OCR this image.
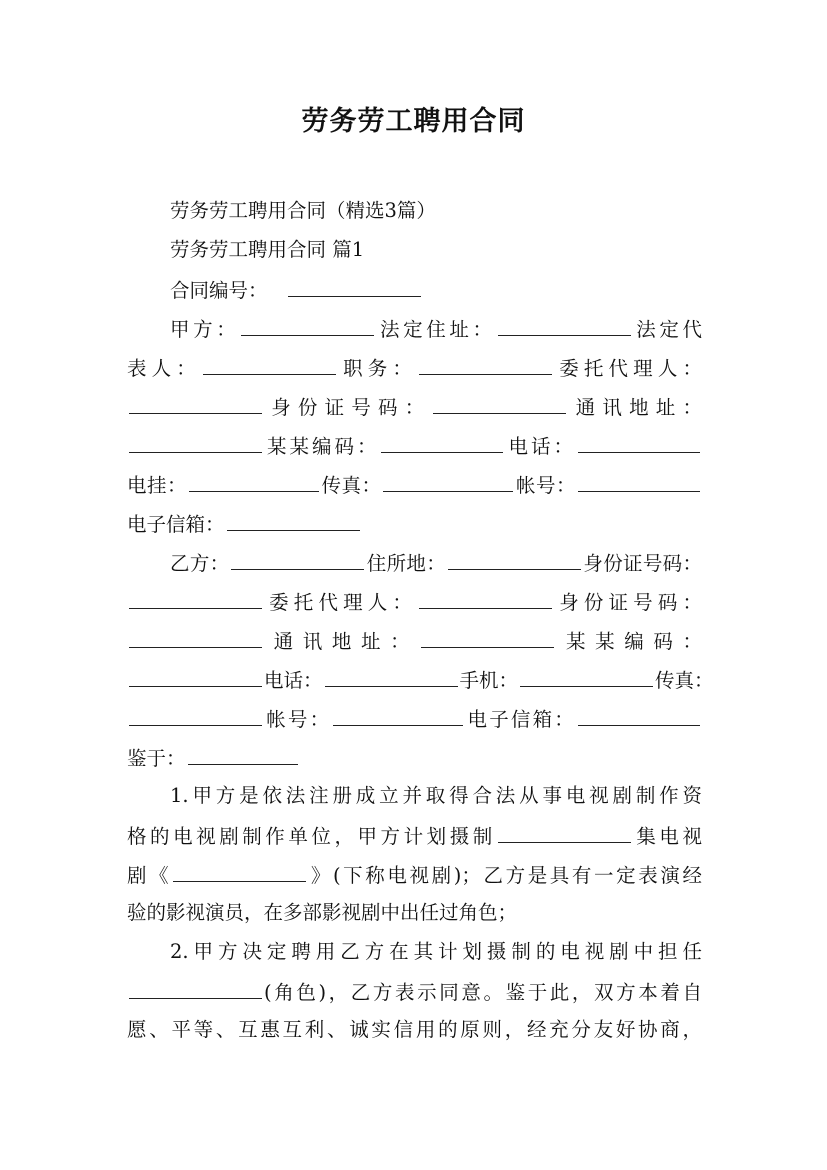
劳务劳工聘用合同
劳务劳工聘用合同（精选3篇）
劳务劳工聘用合同 篇1
合同编号：
甲方：	法定住址：	法定代
表人：	职务：	委托代理人：
身份证号码：	通讯地址：
某某编码：	电话：
电挂：	传真：	帐号：
电子信箱：
乙方：	住所地：	身份证号码：
委托代理人：	身份证号码：
通讯地址：	某某编码：
电话：	手机：	传真：
帐号：	电子信箱：
鉴于：
1.甲方是依法注册成立并取得合法从事电视剧制作资
格的电视剧制作单位，甲方计划摄制	集电视
剧《	》(下称电视剧)；乙方是具有一定表演经
验的影视演员，在多部影视剧中出任过角色；
2.甲方决定聘用乙方在其计划摄制的电视剧中担任
(角色)，乙方表示同意。鉴于此，双方本着自
愿、平等、互惠互利、诚实信用的原则，经充分友好协商，
